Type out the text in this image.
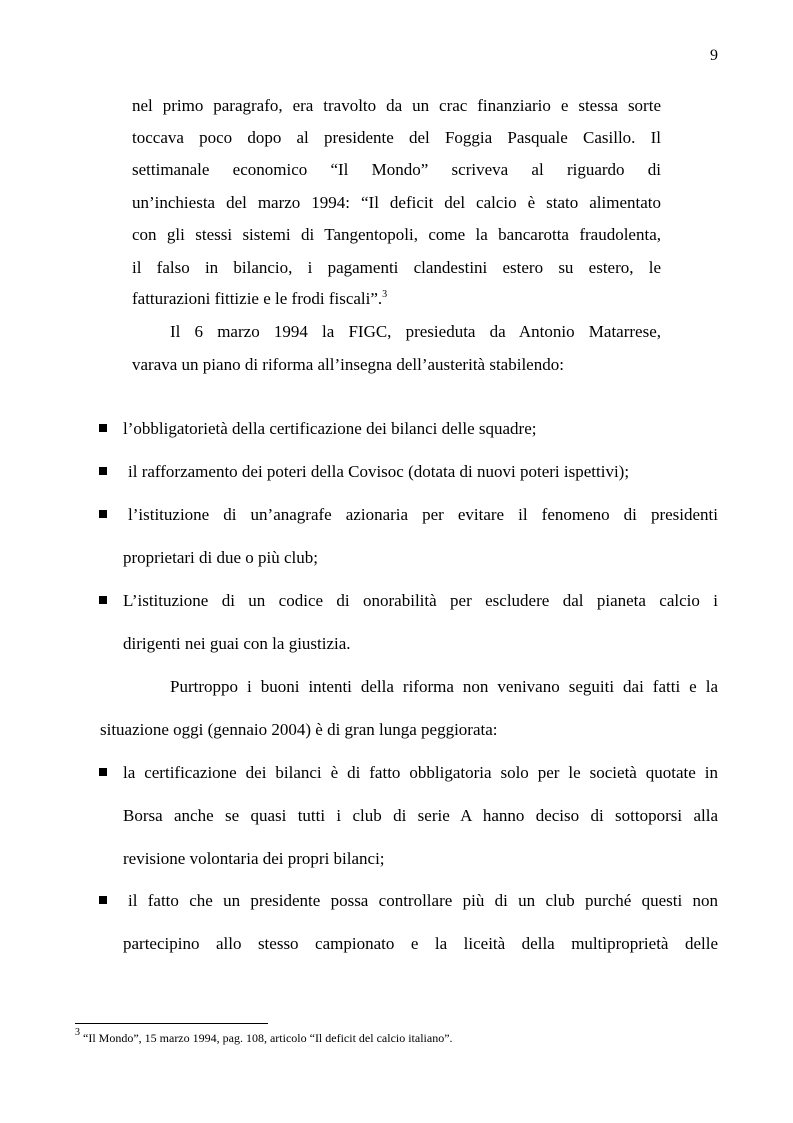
9
nel primo paragrafo, era travolto da un crac finanziario e stessa sorte
toccava poco dopo al presidente del Foggia Pasquale Casillo. Il
settimanale economico “Il Mondo” scriveva al riguardo di
un’inchiesta del marzo 1994: “Il deficit del calcio è stato alimentato
con gli stessi sistemi di Tangentopoli, come la bancarotta fraudolenta,
il falso in bilancio, i pagamenti clandestini estero su estero, le
fatturazioni fittizie e le frodi fiscali”.$^3$
Il 6 marzo 1994 la FIGC, presieduta da Antonio Matarrese,
varava un piano di riforma all’insegna dell’austerità stabilendo:
l’obbligatorietà della certificazione dei bilanci delle squadre;
il rafforzamento dei poteri della Covisoc (dotata di nuovi poteri ispettivi);
l’istituzione di un’anagrafe azionaria per evitare il fenomeno di presidenti
proprietari di due o più club;
L’istituzione di un codice di onorabilità per escludere dal pianeta calcio i
dirigenti nei guai con la giustizia.
Purtroppo i buoni intenti della riforma non venivano seguiti dai fatti e la
situazione oggi (gennaio 2004) è di gran lunga peggiorata:
la certificazione dei bilanci è di fatto obbligatoria solo per le società quotate in
Borsa anche se quasi tutti i club di serie A hanno deciso di sottoporsi alla
revisione volontaria dei propri bilanci;
il fatto che un presidente possa controllare più di un club purché questi non
partecipino allo stesso campionato e la liceità della multiproprietà delle
$^3$ “Il Mondo”, 15 marzo 1994, pag. 108, articolo “Il deficit del calcio italiano”.
